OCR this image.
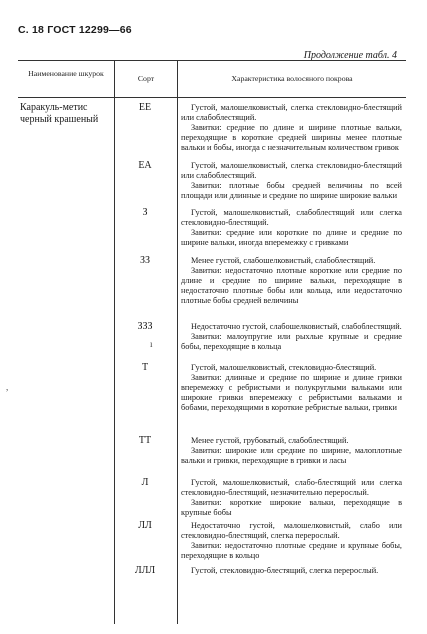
С. 18 ГОСТ 12299—66
Продолжение табл. 4
Наименование шкурок
Сорт	Характеристика волосяного покрова
Каракуль-метис черный крашеный
ЕЕ	Густой, малошелковистый, слегка стекловидно-блестящий или слабоблестящий.

Завитки: средние по длине и ширине плотные вальки, переходящие в короткие средней ширины менее плотные вальки и бобы, иногда с незначительным количеством гривок

ЕА	Густой, малошелковистый, слегка стекловидно-блестящий или слабоблестящий.

Завитки: плотные бобы средней величины по всей площади или длинные и средние по ширине широкие вальки

З	Густой, малошелковистый, слабоблестящий или слегка стекловидно-блестящий.

Завитки: средние или короткие по длине и средние по ширине вальки, иногда вперемежку с гривками

ЗЗ	Менее густой, слабошелковистый, слабоблестящий.

Завитки: недостаточно плотные короткие или средние по длине и средние по ширине вальки, переходящие в недостаточно плотные бобы или кольца, или недостаточно плотные бобы средней величины

ЗЗЗ	Недостаточно густой, слабошелковистый, слабоблестящий.

Завитки: малоупругие или рыхлые крупные и средние бобы, переходящие в кольца

Т	Густой, малошелковистый, стекловидно-блестящий.

Завитки: длинные и средние по ширине и длине гривки вперемежку с ребристыми и полукруглыми вальками или широкие гривки вперемежку с ребристыми вальками и бобами, переходящими в короткие ребристые вальки, гривки

ТТ	Менее густой, грубоватый, слабоблестящий.

Завитки: широкие или средние по ширине, малоплотные вальки и гривки, переходящие в гривки и ласы

Л	Густой, малошелковистый, слабо-блестящий или слегка стекловидно-блестящий, незначительно перерослый.

Завитки: короткие широкие вальки, переходящие в крупные бобы

ЛЛ	Недостаточно густой, малошелковистый, слабо или стекловидно-блестящий, слегка перерослый.

Завитки: недостаточно плотные средние и крупные бобы, переходящие в кольцо

ЛЛЛ	Густой, стекловидно-блестящий, слегка перерослый.

ı
,
